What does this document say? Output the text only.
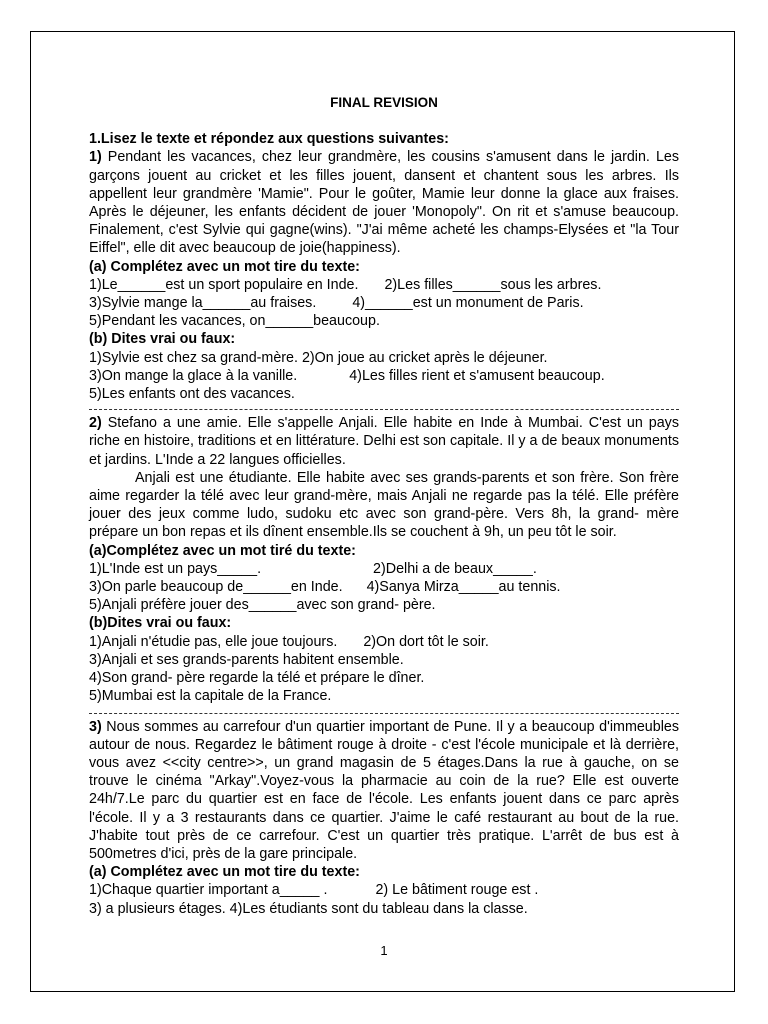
FINAL REVISION
1.Lisez le texte et répondez aux questions suivantes:
1) Pendant les vacances, chez leur grandmère, les cousins s'amusent dans le jardin. Les garçons jouent au cricket et les filles jouent, dansent et chantent sous les arbres. Ils appellent leur grandmère 'Mamie". Pour le goûter, Mamie leur donne la glace aux fraises. Après le déjeuner, les enfants décident de jouer 'Monopoly". On rit et s'amuse beaucoup. Finalement, c'est Sylvie qui gagne(wins). "J'ai même acheté les champs-Elysées et "la Tour Eiffel", elle dit avec beaucoup de joie(happiness).
(a) Complétez avec un mot tire du texte:
1)Le______est un sport populaire en Inde. 2)Les filles______sous les arbres.
3)Sylvie mange la______au fraises.	4)______est un monument de Paris.
5)Pendant les vacances, on______beaucoup.
(b) Dites vrai ou faux:
1)Sylvie est chez sa grand-mère. 2)On joue au cricket après le déjeuner.
3)On mange la glace à la vanille.	4)Les filles rient et s'amusent beaucoup.
5)Les enfants ont des vacances.
2) Stefano a une amie. Elle s'appelle Anjali. Elle habite en Inde à Mumbai. C'est un pays riche en histoire, traditions et en littérature. Delhi est son capitale. Il y a de beaux monuments et jardins. L'Inde a 22 langues officielles.
Anjali est une étudiante. Elle habite avec ses grands-parents et son frère. Son frère aime regarder la télé avec leur grand-mère, mais Anjali ne regarde pas la télé. Elle préfère jouer des jeux comme ludo, sudoku etc avec son grand-père. Vers 8h, la grand- mère prépare un bon repas et ils dînent ensemble.Ils se couchent à 9h, un peu tôt le soir.
(a)Complétez avec un mot tiré du texte:
1)L'Inde est un pays_____.	2)Delhi a de beaux_____.
3)On parle beaucoup de______en Inde. 4)Sanya Mirza_____au tennis.
5)Anjali préfère jouer des______avec son grand- père.
(b)Dites vrai ou faux:
1)Anjali n'étudie pas, elle joue toujours. 2)On dort tôt le soir.
3)Anjali et ses grands-parents habitent ensemble.
4)Son grand- père regarde la télé et prépare le dîner.
5)Mumbai est la capitale de la France.
3) Nous sommes au carrefour d'un quartier important de Pune. Il y a beaucoup d'immeubles autour de nous. Regardez le bâtiment rouge à droite - c'est l'école municipale et là derrière, vous avez <<city centre>>, un grand magasin de 5 étages.Dans la rue à gauche, on se trouve le cinéma "Arkay".Voyez-vous la pharmacie au coin de la rue? Elle est ouverte 24h/7.Le parc du quartier est en face de l'école. Les enfants jouent dans ce parc après l'école. Il y a 3 restaurants dans ce quartier. J'aime le café restaurant au bout de la rue. J'habite tout près de ce carrefour. C'est un quartier très pratique. L'arrêt de bus est à 500metres d'ici, près de la gare principale.
(a) Complétez avec un mot tire du texte:
1)Chaque quartier important a_____ .	2) Le bâtiment rouge est .
3) a plusieurs étages. 4)Les étudiants sont du tableau dans la classe.
1
